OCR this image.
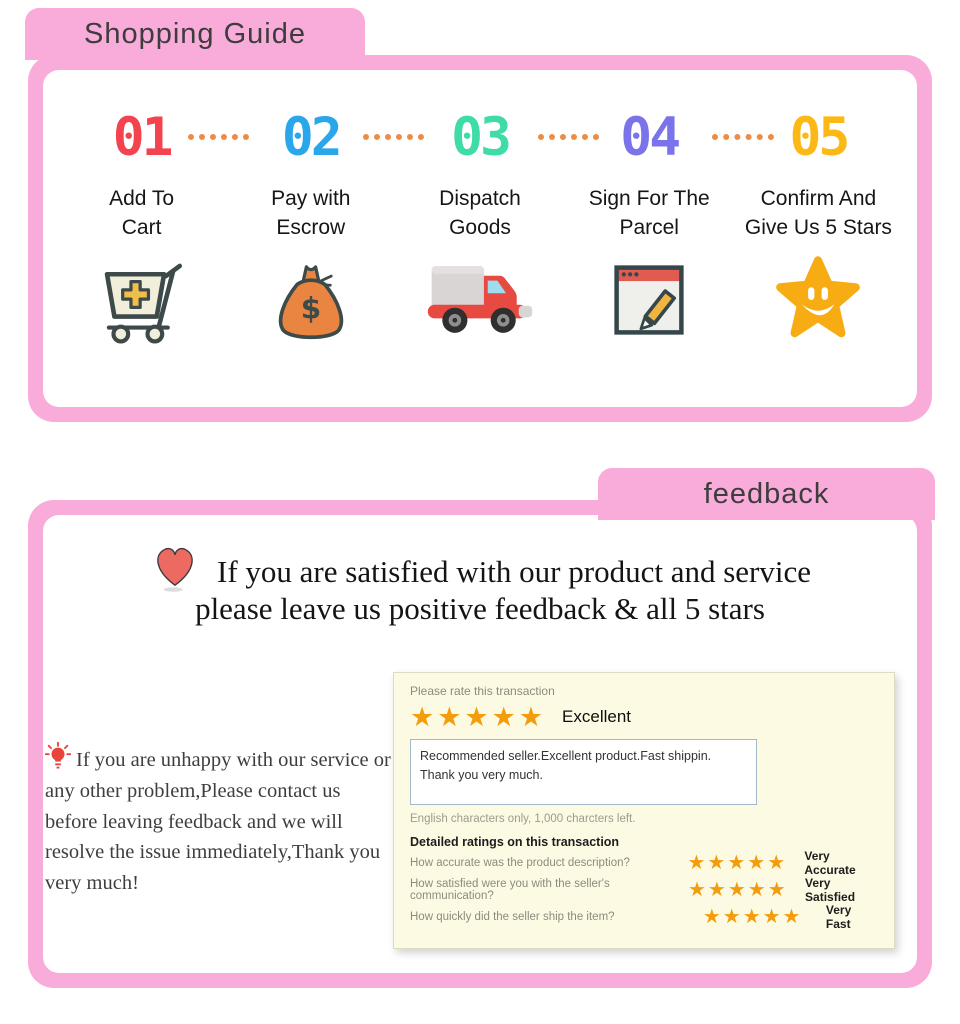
Shopping Guide
01
Add To
Cart
02
Pay with
Escrow
$
03
Dispatch
Goods
04
Sign For The
Parcel
05
Confirm And
Give Us 5 Stars
feedback
If you are satisfied with our product and service
please leave us positive feedback & all 5 stars
If you are unhappy with our service or any other problem,Please contact us before leaving feedback and we will resolve the issue immediately,Thank you very much!
Please rate this transaction
★★★★★ Excellent
Recommended seller.Excellent product.Fast shippin.
Thank you very much.
English characters only, 1,000 charcters left.
Detailed ratings on this transaction
How accurate was the product description?	★★★★★	Very Accurate
How satisfied were you with the seller's communication?	★★★★★	Very Satisfied
How quickly did the seller ship the item?	★★★★★	Very Fast
